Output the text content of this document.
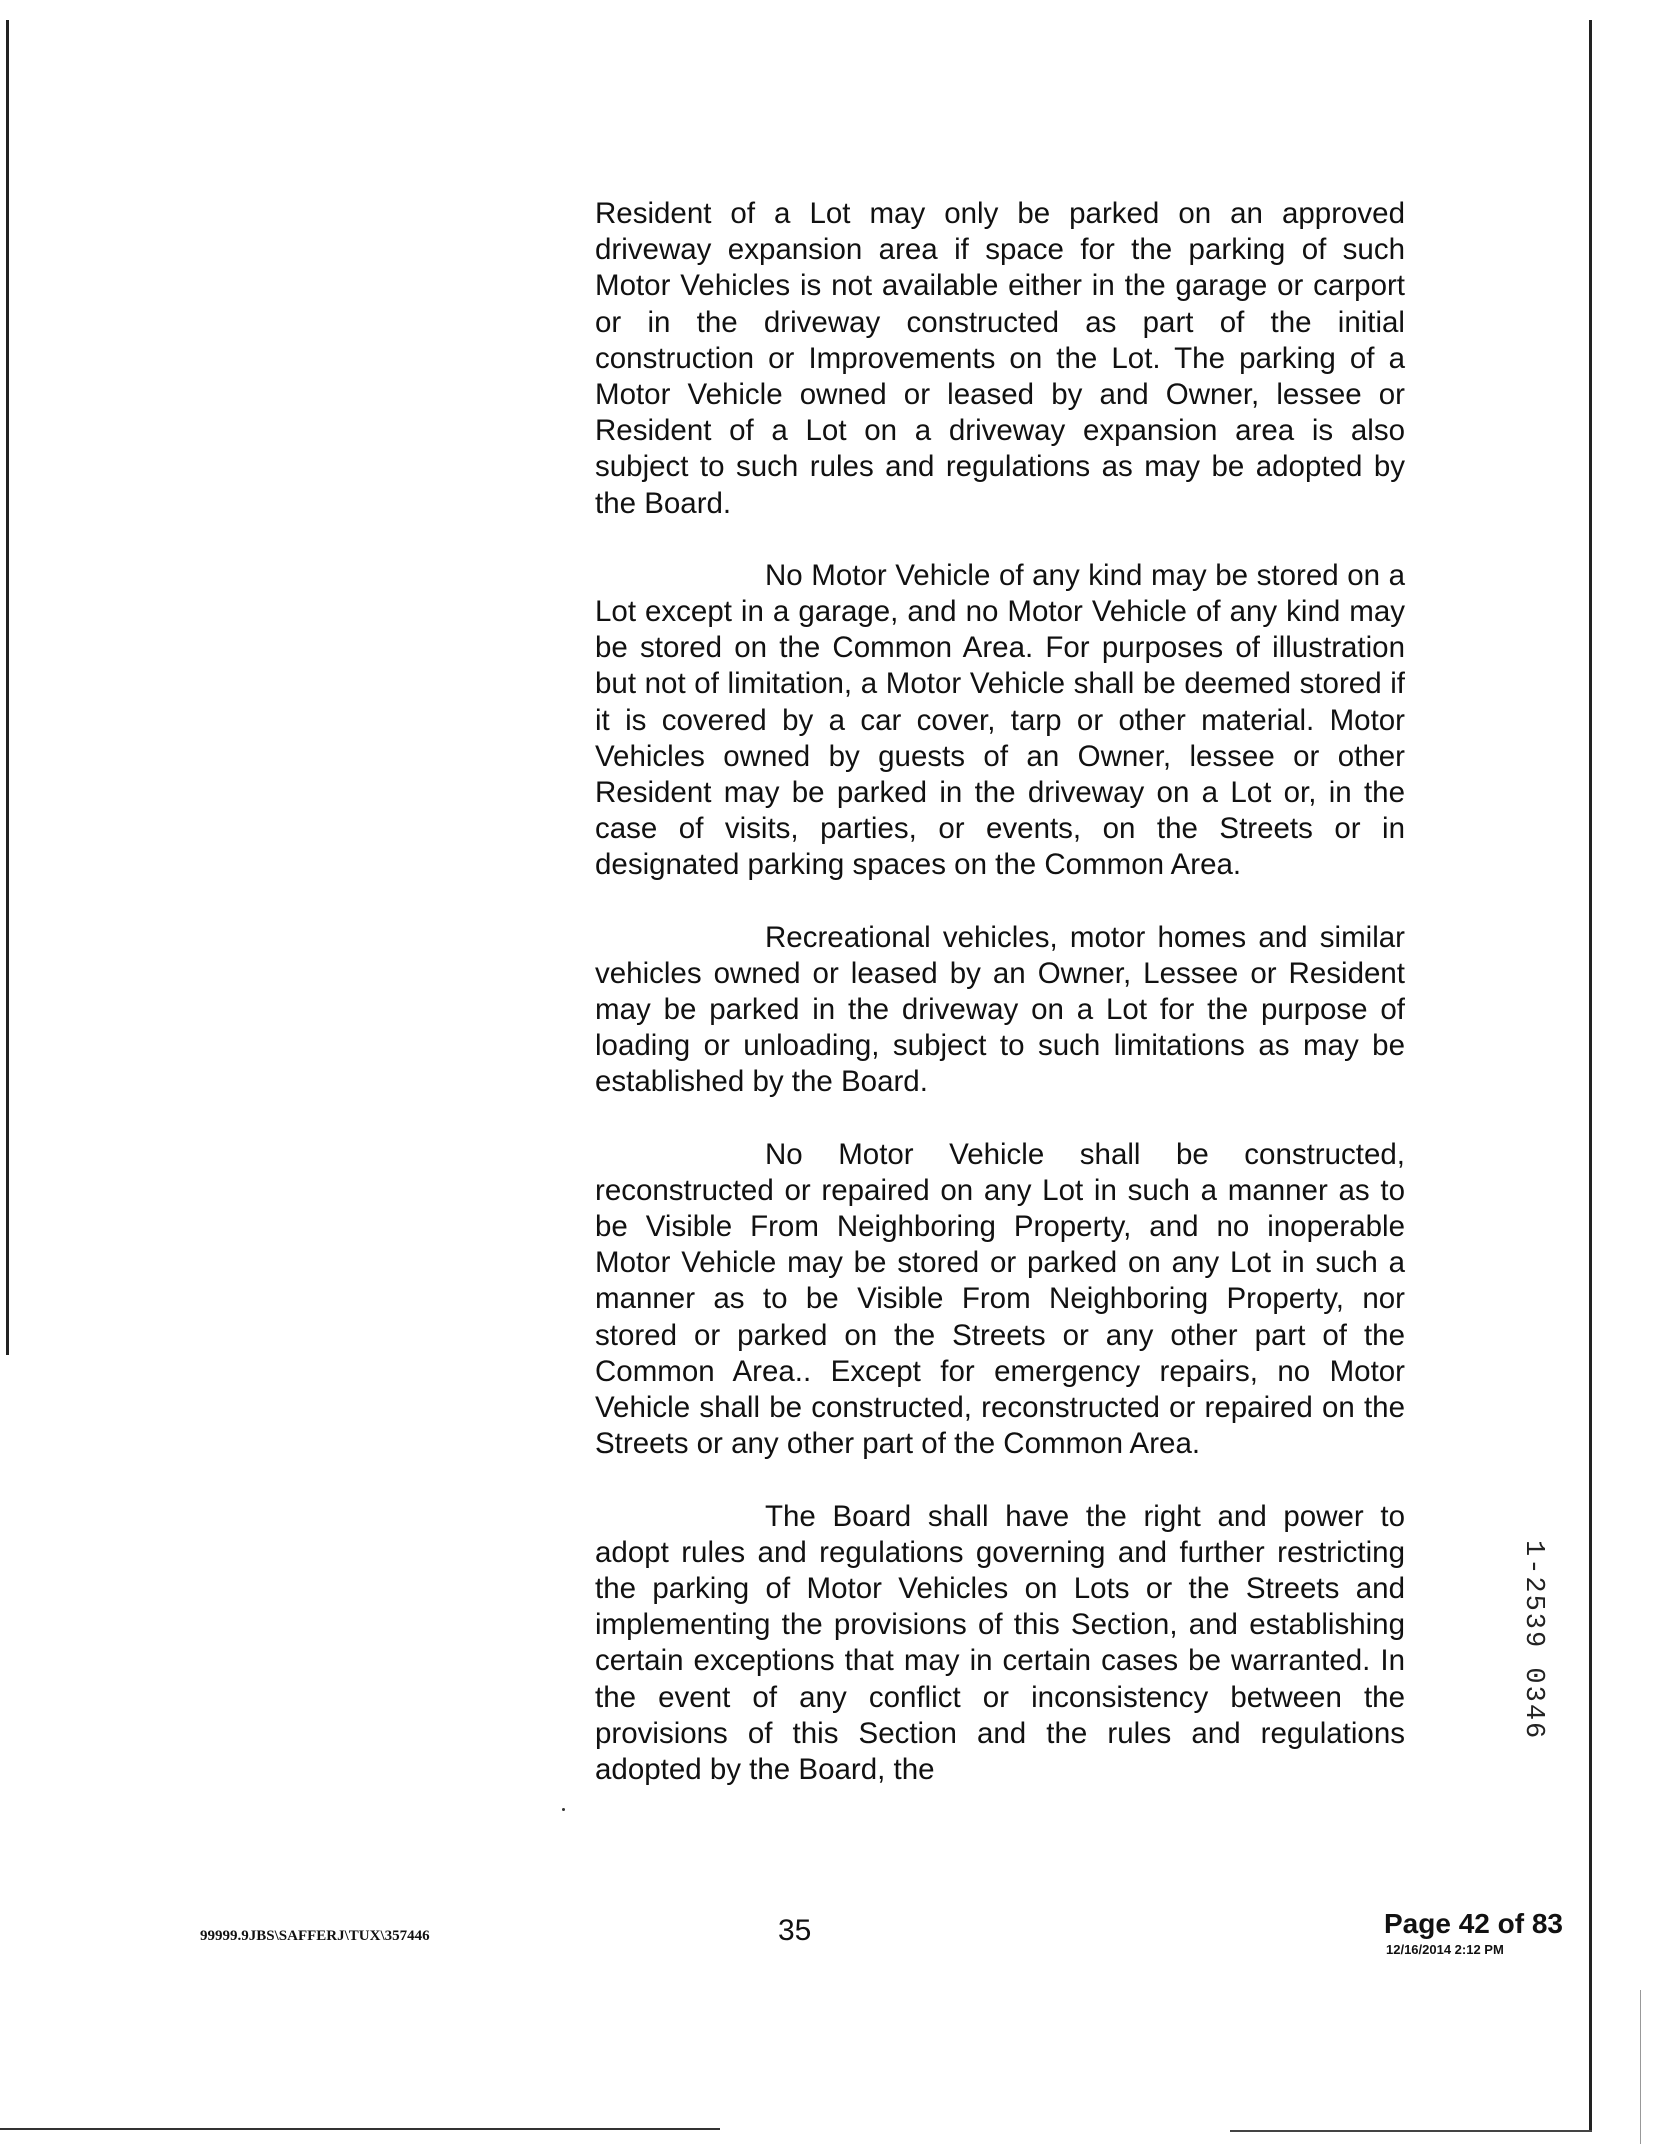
Resident of a Lot may only be parked on an approved driveway expansion area if space for the parking of such Motor Vehicles is not available either in the garage or carport or in the driveway constructed as part of the initial construction or Improvements on the Lot. The parking of a Motor Vehicle owned or leased by and Owner, lessee or Resident of a Lot on a driveway expansion area is also subject to such rules and regulations as may be adopted by the Board.

No Motor Vehicle of any kind may be stored on a Lot except in a garage, and no Motor Vehicle of any kind may be stored on the Common Area. For purposes of illustration but not of limitation, a Motor Vehicle shall be deemed stored if it is covered by a car cover, tarp or other material. Motor Vehicles owned by guests of an Owner, lessee or other Resident may be parked in the driveway on a Lot or, in the case of visits, parties, or events, on the Streets or in designated parking spaces on the Common Area.

Recreational vehicles, motor homes and similar vehicles owned or leased by an Owner, Lessee or Resident may be parked in the driveway on a Lot for the purpose of loading or unloading, subject to such limitations as may be established by the Board.

No Motor Vehicle shall be constructed, reconstructed or repaired on any Lot in such a manner as to be Visible From Neighboring Property, and no inoperable Motor Vehicle may be stored or parked on any Lot in such a manner as to be Visible From Neighboring Property, nor stored or parked on the Streets or any other part of the Common Area.. Except for emergency repairs, no Motor Vehicle shall be constructed, reconstructed or repaired on the Streets or any other part of the Common Area.

The Board shall have the right and power to adopt rules and regulations governing and further restricting the parking of Motor Vehicles on Lots or the Streets and implementing the provisions of this Section, and establishing certain exceptions that may in certain cases be warranted. In the event of any conflict or inconsistency between the provisions of this Section and the rules and regulations adopted by the Board, the

1-2539 0346
99999.9JBS\SAFFERJ\TUX\357446	35	Page 42 of 83
12/16/2014 2:12 PM
